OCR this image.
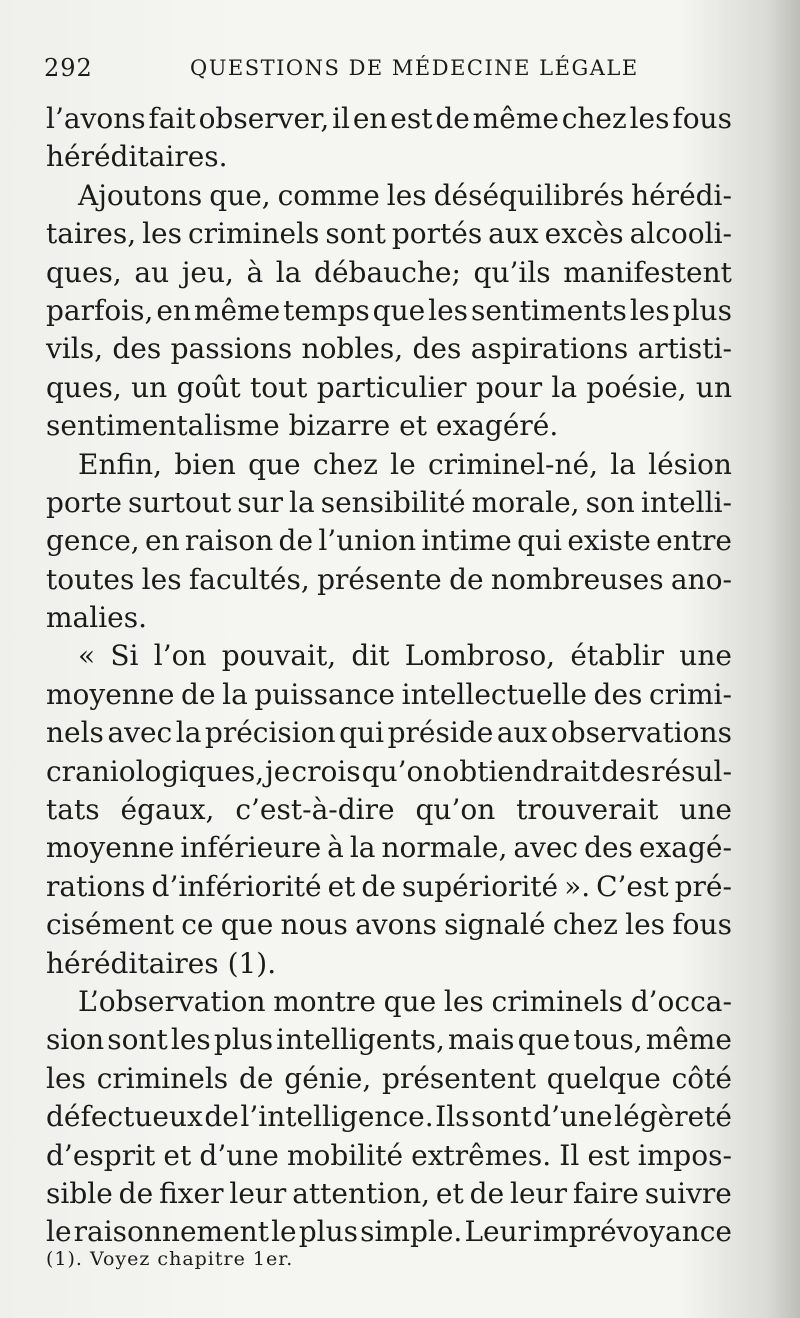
292	QUESTIONS DE MÉDECINE LÉGALE
l’avons fait observer, il en est de même chez les fous
héréditaires.
Ajoutons que, comme les déséquilibrés hérédi-
taires, les criminels sont portés aux excès alcooli-
ques, au jeu, à la débauche; qu’ils manifestent
parfois, en même temps que les sentiments les plus
vils, des passions nobles, des aspirations artisti-
ques, un goût tout particulier pour la poésie, un
sentimentalisme bizarre et exagéré.
Enfin, bien que chez le criminel-né, la lésion
porte surtout sur la sensibilité morale, son intelli-
gence, en raison de l’union intime qui existe entre
toutes les facultés, présente de nombreuses ano-
malies.
« Si l’on pouvait, dit Lombroso, établir une
moyenne de la puissance intellectuelle des crimi-
nels avec la précision qui préside aux observations
craniologiques, je crois qu’on obtiendrait des résul-
tats égaux, c’est-à-dire qu’on trouverait une
moyenne inférieure à la normale, avec des exagé-
rations d’infériorité et de supériorité ». C’est pré-
cisément ce que nous avons signalé chez les fous
héréditaires (1).
L’observation montre que les criminels d’occa-
sion sont les plus intelligents, mais que tous, même
les criminels de génie, présentent quelque côté
défectueux de l’intelligence. Ils sont d’une légèreté
d’esprit et d’une mobilité extrêmes. Il est impos-
sible de fixer leur attention, et de leur faire suivre
le raisonnement le plus simple. Leur imprévoyance
(1). Voyez chapitre 1er.
